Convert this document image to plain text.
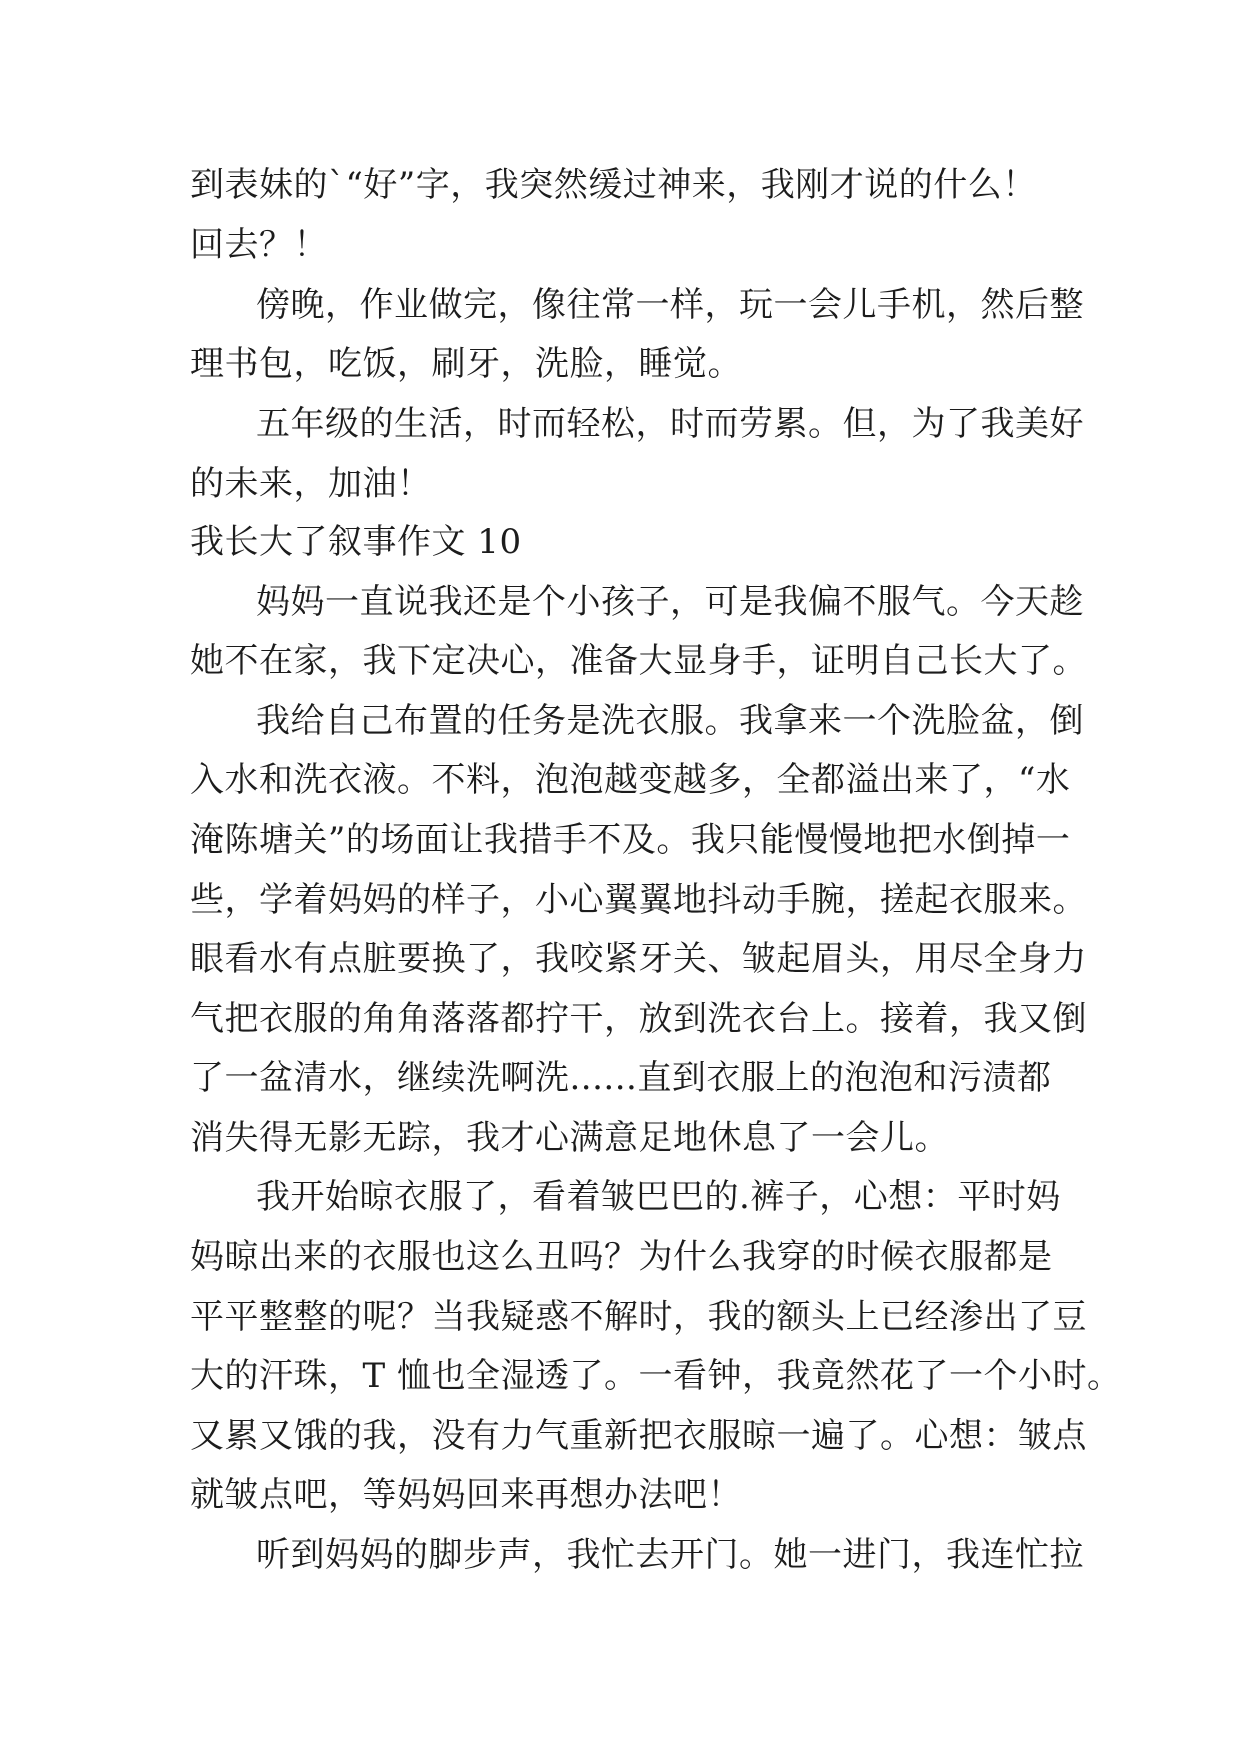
到表妹的`“好”字，我突然缓过神来，我刚才说的什么！
回去？！
傍晚，作业做完，像往常一样，玩一会儿手机，然后整
理书包，吃饭，刷牙，洗脸，睡觉。
五年级的生活，时而轻松，时而劳累。但，为了我美好
的未来，加油！
我长大了叙事作文 10
妈妈一直说我还是个小孩子，可是我偏不服气。今天趁
她不在家，我下定决心，准备大显身手，证明自己长大了。
我给自己布置的任务是洗衣服。我拿来一个洗脸盆，倒
入水和洗衣液。不料，泡泡越变越多，全都溢出来了，“水
淹陈塘关”的场面让我措手不及。我只能慢慢地把水倒掉一
些，学着妈妈的样子，小心翼翼地抖动手腕，搓起衣服来。
眼看水有点脏要换了，我咬紧牙关、皱起眉头，用尽全身力
气把衣服的角角落落都拧干，放到洗衣台上。接着，我又倒
了一盆清水，继续洗啊洗......直到衣服上的泡泡和污渍都
消失得无影无踪，我才心满意足地休息了一会儿。
我开始晾衣服了，看着皱巴巴的.裤子，心想：平时妈
妈晾出来的衣服也这么丑吗？为什么我穿的时候衣服都是
平平整整的呢？当我疑惑不解时，我的额头上已经渗出了豆
大的汗珠，T 恤也全湿透了。一看钟，我竟然花了一个小时。
又累又饿的我，没有力气重新把衣服晾一遍了。心想：皱点
就皱点吧，等妈妈回来再想办法吧！
听到妈妈的脚步声，我忙去开门。她一进门，我连忙拉
